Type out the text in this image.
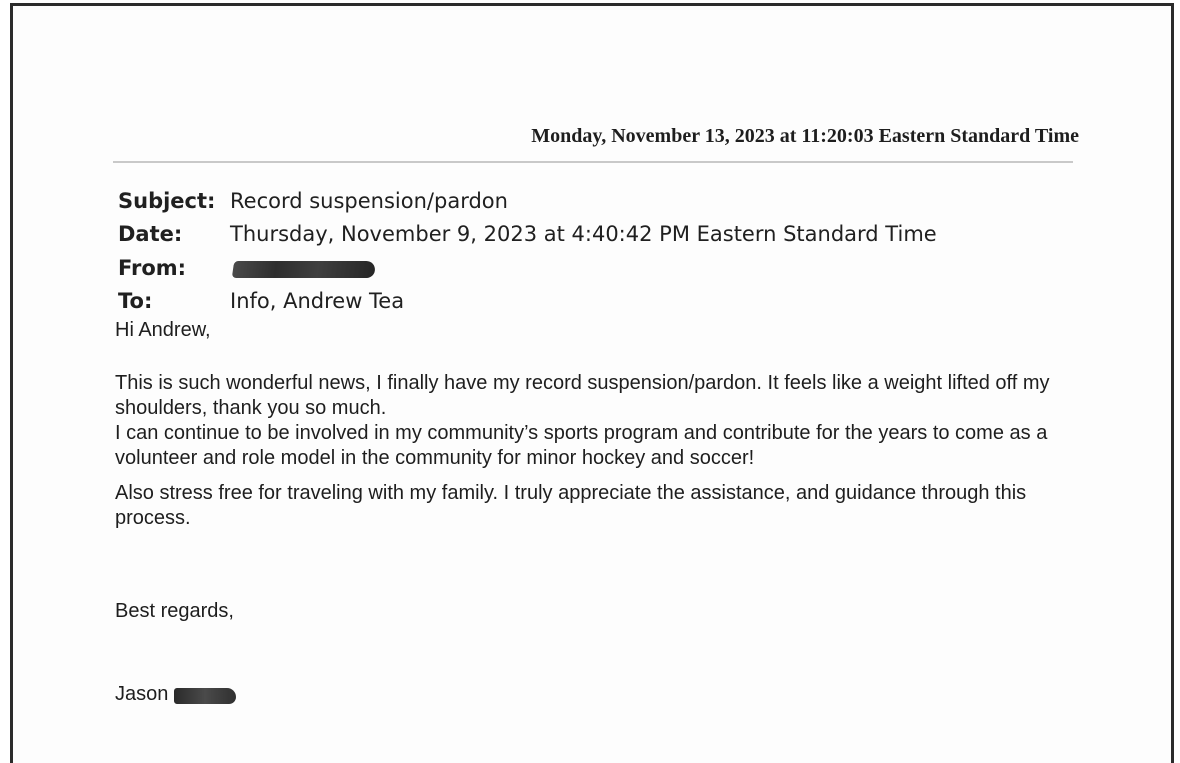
Monday, November 13, 2023 at 11:20:03 Eastern Standard Time
Subject: Record suspension/pardon
Date:	Thursday, November 9, 2023 at 4:40:42 PM Eastern Standard Time
From:
To:	Info, Andrew Tea

Hi Andrew,

This is such wonderful news, I finally have my record suspension/pardon. It feels like a weight lifted off my shoulders, thank you so much.

I can continue to be involved in my community’s sports program and contribute for the years to come as a volunteer and role model in the community for minor hockey and soccer!

Also stress free for traveling with my family. I truly appreciate the assistance, and guidance through this process.

Best regards,
Jason
